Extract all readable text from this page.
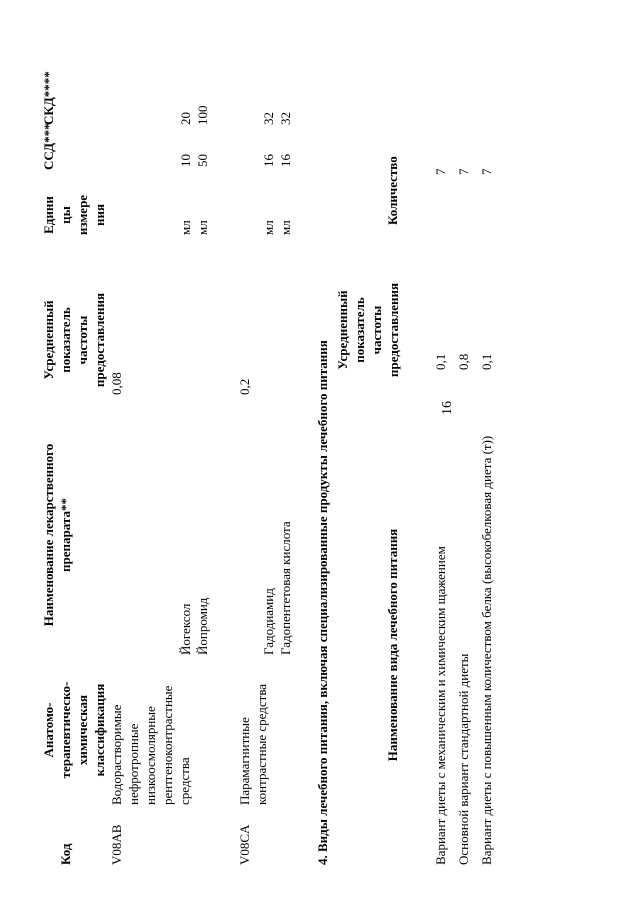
16
Код
Анатомо- терапевтическо- химическая классификация
Наименование лекарственного препарата**
Усредненный показатель частоты предоставления
Едини цы измере ния
ССД***
СКД****
V08AB
Водорастворимые нефротропные низкоосмолярные рентгеноконтрастные средства
0,08
Йогексол
мл
10
20
Йопромид
мл
50
100
V08CA
Парамагнитные контрастные средства
0,2
Гадодиамид
мл
16
32
Гадопентетовая кислота
мл
16
32
4. Виды лечебного питания, включая специализированные продукты лечебного питания	Наименование вида лечебного питания
Усредненный показатель частоты предоставления
Количество
Вариант диеты с механическим и химическим щажением
0,1
7
Основной вариант стандартной диеты
0,8
7
Вариант диеты с повышенным количеством белка (высокобелковая диета (т))
0,1
7
